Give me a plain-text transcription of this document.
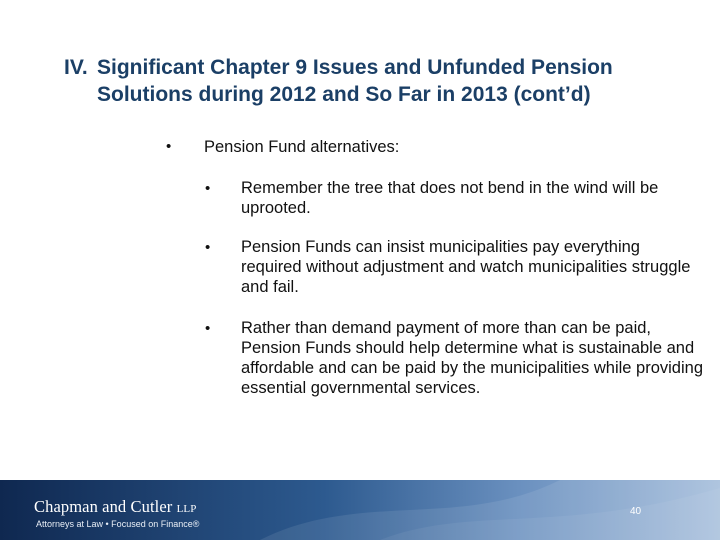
IV. Significant Chapter 9 Issues and Unfunded Pension
Solutions during 2012 and So Far in 2013 (cont’d)
• Pension Fund alternatives:
• Remember the tree that does not bend in the wind will be uprooted.
• Pension Funds can insist municipalities pay everything required without adjustment and watch municipalities struggle and fail.
• Rather than demand payment of more than can be paid, Pension Funds should help determine what is sustainable and affordable and can be paid by the municipalities while providing essential governmental services.
Chapman and Cutler LLP
Attorneys at Law • Focused on Finance®
40
